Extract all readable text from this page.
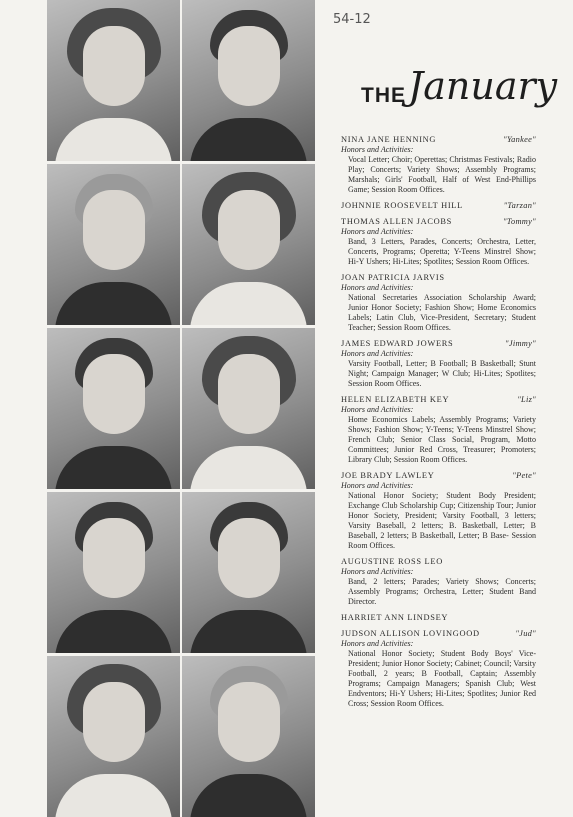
54-12
THE January
NINA JANE HENNING	"Yankee"
Honors and Activities:
Vocal Letter; Choir; Operettas; Christmas Festivals; Radio Play; Concerts; Variety Shows; Assembly Programs; Marshals; Girls' Football, Half of West End-Phillips Game; Session Room Offices.
JOHNNIE ROOSEVELT HILL	"Tarzan"
THOMAS ALLEN JACOBS	"Tommy"
Honors and Activities:
Band, 3 Letters, Parades, Concerts; Orchestra, Letter, Concerts, Programs; Operetta; Y-Teens Minstrel Show; Hi-Y Ushers; Hi-Lites; Spotlites; Session Room Offices.
JOAN PATRICIA JARVIS
Honors and Activities:
National Secretaries Association Scholarship Award; Junior Honor Society; Fashion Show; Home Economics Labels; Latin Club, Vice-President, Secretary; Student Teacher; Session Room Offices.
JAMES EDWARD JOWERS	"Jimmy"
Honors and Activities:
Varsity Football, Letter; B Football; B Basketball; Stunt Night; Campaign Manager; W Club; Hi-Lites; Spotlites; Session Room Offices.
HELEN ELIZABETH KEY	"Liz"
Honors and Activities:
Home Economics Labels; Assembly Programs; Variety Shows; Fashion Show; Y-Teens; Y-Teens Minstrel Show; French Club; Senior Class Social, Program, Motto Committees; Junior Red Cross, Treasurer; Promoters; Library Club; Session Room Offices.
JOE BRADY LAWLEY	"Pete"
Honors and Activities:
National Honor Society; Student Body President; Exchange Club Scholarship Cup; Citizenship Tour; Junior Honor Society, President; Varsity Football, 3 letters; Varsity Baseball, 2 letters; B. Basketball, Letter; B Baseball, 2 letters; B Basketball, Letter; B Base- Session Room Offices.
AUGUSTINE ROSS LEO
Honors and Activities:
Band, 2 letters; Parades; Variety Shows; Concerts; Assembly Programs; Orchestra, Letter; Student Band Director.
HARRIET ANN LINDSEY
JUDSON ALLISON LOVINGOOD	"Jud"
Honors and Activities:
National Honor Society; Student Body Boys' Vice-President; Junior Honor Society; Cabinet; Council; Varsity Football, 2 years; B Football, Captain; Assembly Programs; Campaign Managers; Spanish Club; West Endventors; Hi-Y Ushers; Hi-Lites; Spotlites; Junior Red Cross; Session Room Offices.
